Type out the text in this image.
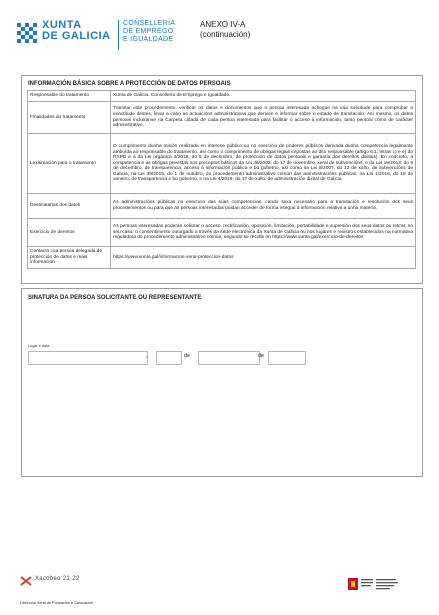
XUNTA
DE GALICIA
CONSELLERÍA
DE EMPREGO
E IGUALDADE
ANEXO IV-A
(continuación)
INFORMACIÓN BÁSICA SOBRE A PROTECCIÓN DE DATOS PERSOAIS
Responsable do tratamento	Xunta de Galicia. Consellería de Emprego e Igualdade.
Finalidades do tratamento	Tramitar este procedemento, verificar os datos e documentos que a persoa interesada achegue na súa solicitude para comprobar a exactitude destes, levar a cabo as actuacións administrativas que deriven e informar sobre o estado de tramitación. Así mesmo, os datos persoais incluiranse na Carpeta cidadá de cada persoa interesada para facilitar o acceso á información, tanto persoal como de carácter administrativo.
Lexitimación para o tratamento	O cumprimento dunha misión realizada en interese público ou no exercicio de poderes públicos derivada dunha competencia legalmente atribuída ao responsable do tratamento, así como o cumprimento de obrigas legais impostas ao dito responsable (artigo 6.1, letras c) e e) do RXPD e á da Lei orgánica 3/2018, do 5 de decembro, de protección de datos persoais e garantía dos dereitos dixitais). En concreto, a competencia e as obrigas previstas nos preceptos básicos da Lei 38/2003, do 17 de novembro, xeral de subvencións, e da Lei 19/2013, do 9 de decembro, de transparencia, acceso á información pública e bo goberno, así como na Lei 9/2007, do 13 de xuño, de subvencións de Galicia; na Lei 39/2015, do 1 de outubro, do procedemento administrativo común das administracións públicas; na Lei 1/2016, do 18 de xaneiro, de transparencia e bo goberno, e na Lei 4/2019, do 17 de xullo, de administración dixital de Galicia.
Destinatarias dos datos	As administracións públicas no exercicio das súas competencias, cando sexa necesario para a tramitación e resolución dos seus procedementos ou para que as persoas interesadas poidan acceder de forma integral á información relativa a unha materia.
Exercicio de dereitos	As persoas interesadas poderán solicitar o acceso, rectificación, oposición, limitación, portabilidade e supresión dos seus datos ou retirar, no seu caso, o consentimento outorgado a través da sede electrónica da Xunta de Galicia ou nos lugares e rexistros establecidos na normativa reguladora do procedemento administrativo común, segundo se recolle en https://www.xunta.gal/exercicio-de-dereitos
Contacto coa persoa delegada de protección de datos e máis información	https://www.xunta.gal/informacion-xeral-proteccion-datos
SINATURA DA PERSOA SOLICITANTE OU REPRESENTANTE
Lugar e data
,	de	de
Xacobeo 21·22
Dirección Xeral de Formación e Colocación
